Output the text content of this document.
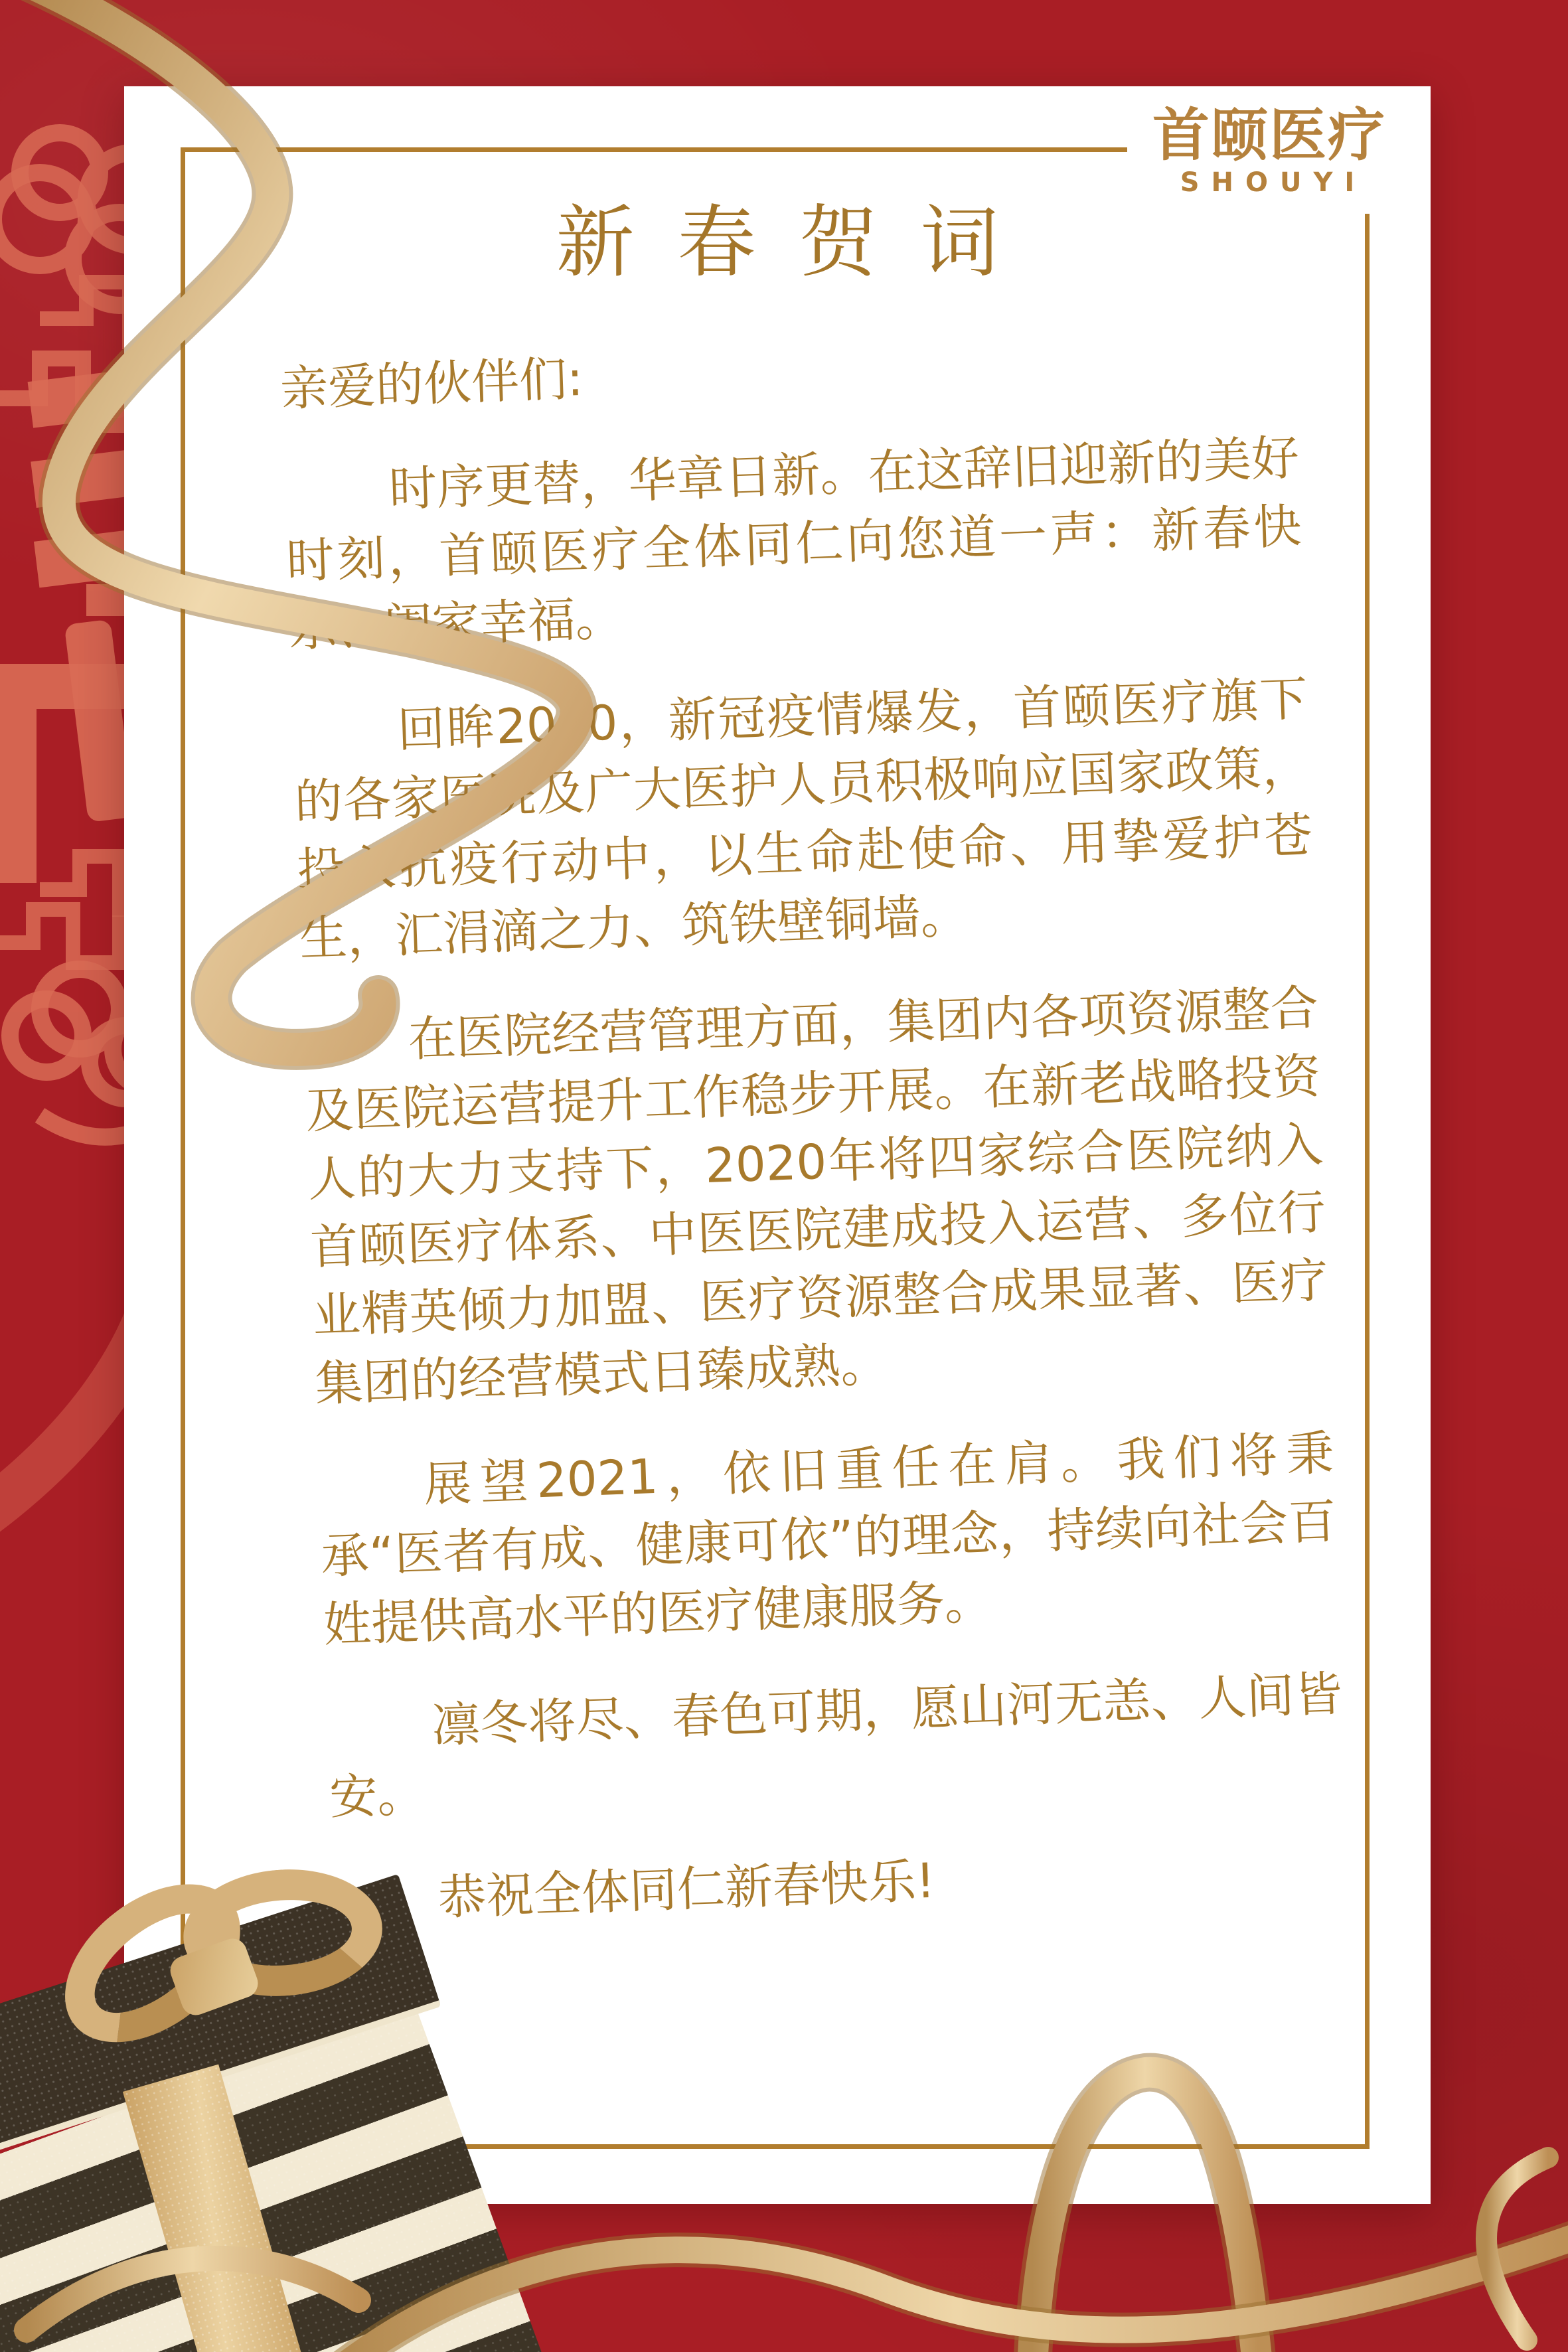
首颐医疗
SHOUYI
新春贺词

亲爱的伙伴们:

时序更替，华章日新。在这辞旧迎新的美好时刻，首颐医疗全体同仁向您道一声：新春快乐、阖家幸福。

回眸2020，新冠疫情爆发，首颐医疗旗下的各家医院及广大医护人员积极响应国家政策，投入抗疫行动中，以生命赴使命、用挚爱护苍生，汇涓滴之力、筑铁壁铜墙。

在医院经营管理方面，集团内各项资源整合及医院运营提升工作稳步开展。在新老战略投资人的大力支持下，2020年将四家综合医院纳入首颐医疗体系、中医医院建成投入运营、多位行业精英倾力加盟、医疗资源整合成果显著、医疗集团的经营模式日臻成熟。

展望2021，依旧重任在肩。我们将秉承“医者有成、健康可依”的理念，持续向社会百姓提供高水平的医疗健康服务。

凛冬将尽、春色可期，愿山河无恙、人间皆安。

恭祝全体同仁新春快乐!
